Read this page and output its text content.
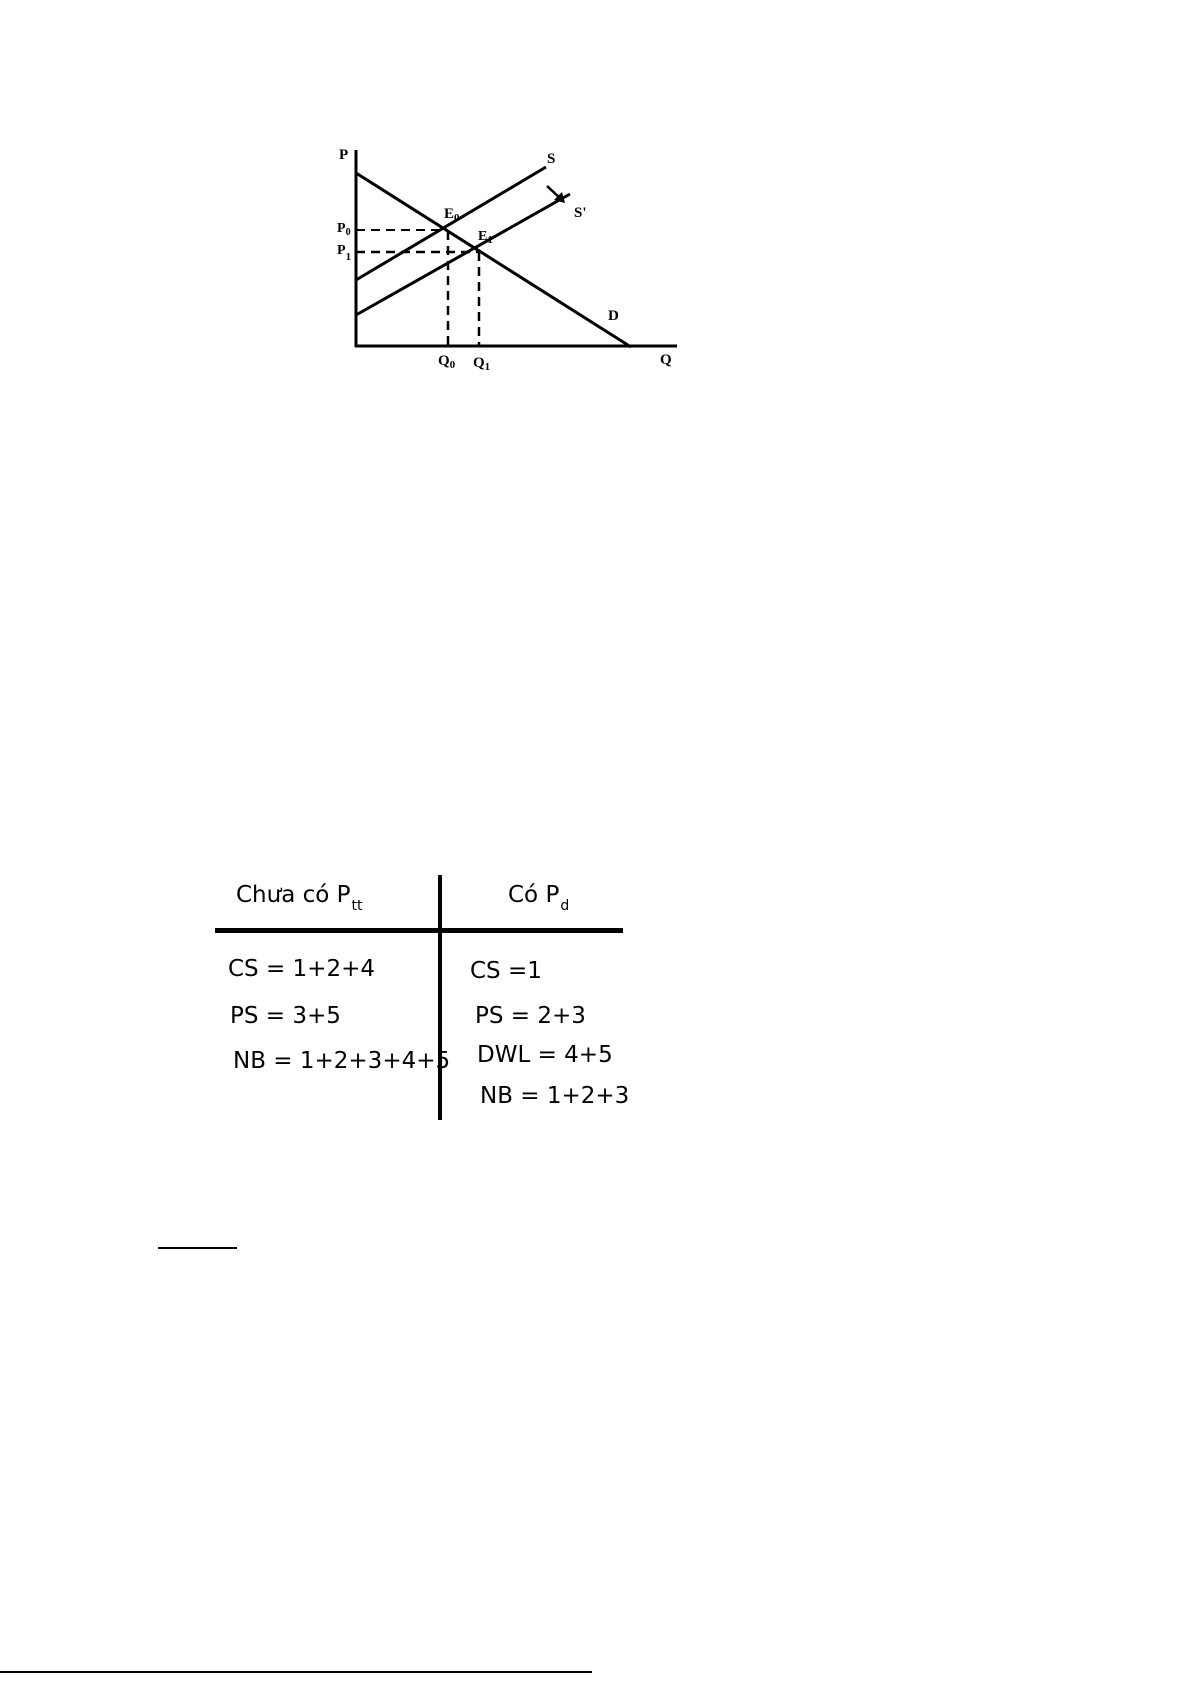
P
Q
S
S'
D
$E_0$
$E_1$
$P_0$
$P_1$
$Q_0$ $Q_1$
Chưa có $P_{tt}$	Có $P_d$
CS = 1+2+4
PS = 3+5
NB = 1+2+3+4+5
CS =1
PS = 2+3
DWL = 4+5
NB = 1+2+3
